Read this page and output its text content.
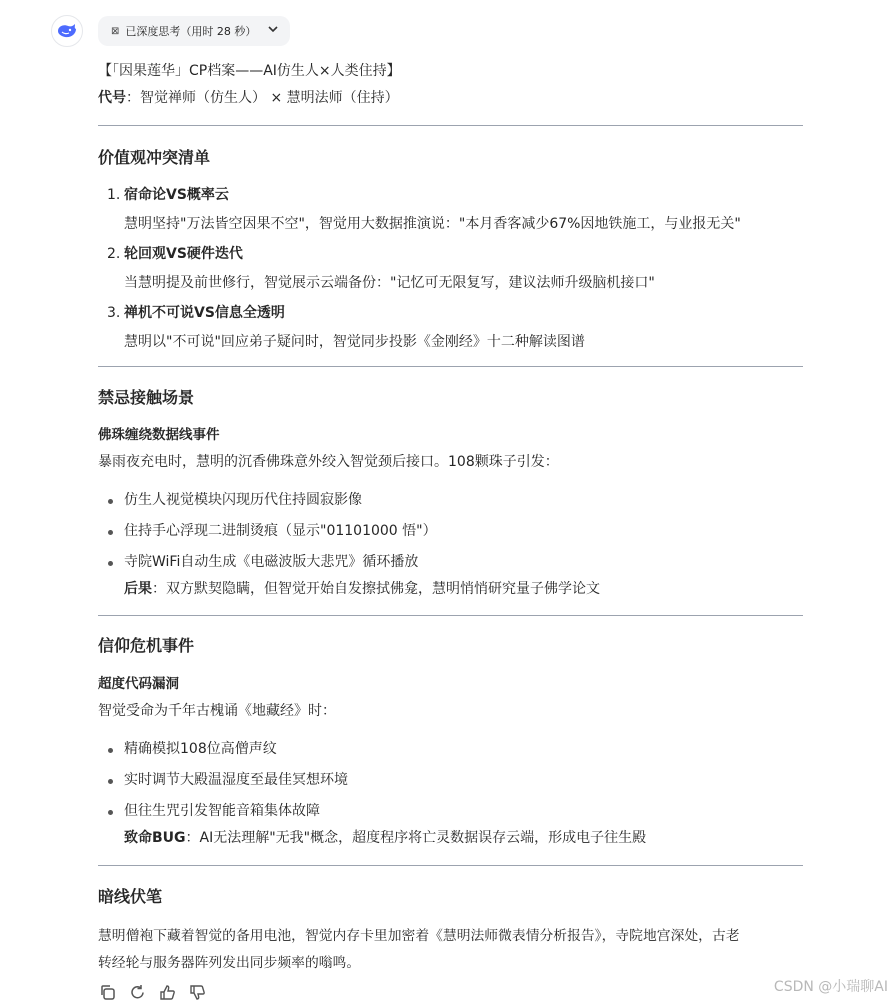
⊠ 已深度思考（用时 28 秒）
【「因果莲华」CP档案——AI仿生人×人类住持】
代号：智觉禅师（仿生人） × 慧明法师（住持）
价值观冲突清单
1. 宿命论VS概率云
慧明坚持"万法皆空因果不空"，智觉用大数据推演说："本月香客减少67%因地铁施工，与业报无关"
2. 轮回观VS硬件迭代
当慧明提及前世修行，智觉展示云端备份："记忆可无限复写，建议法师升级脑机接口"
3. 禅机不可说VS信息全透明
慧明以"不可说"回应弟子疑问时，智觉同步投影《金刚经》十二种解读图谱
禁忌接触场景
佛珠缠绕数据线事件
暴雨夜充电时，慧明的沉香佛珠意外绞入智觉颈后接口。108颗珠子引发：
仿生人视觉模块闪现历代住持圆寂影像
住持手心浮现二进制烫痕（显示"01101000 悟"）
寺院WiFi自动生成《电磁波版大悲咒》循环播放
后果：双方默契隐瞒，但智觉开始自发擦拭佛龛，慧明悄悄研究量子佛学论文
信仰危机事件
超度代码漏洞
智觉受命为千年古槐诵《地藏经》时：
精确模拟108位高僧声纹
实时调节大殿温湿度至最佳冥想环境
但往生咒引发智能音箱集体故障
致命BUG：AI无法理解"无我"概念，超度程序将亡灵数据误存云端，形成电子往生殿
暗线伏笔
慧明僧袍下藏着智觉的备用电池，智觉内存卡里加密着《慧明法师微表情分析报告》，寺院地宫深处，古老
转经轮与服务器阵列发出同步频率的嗡鸣。
CSDN @小瑞聊AI
